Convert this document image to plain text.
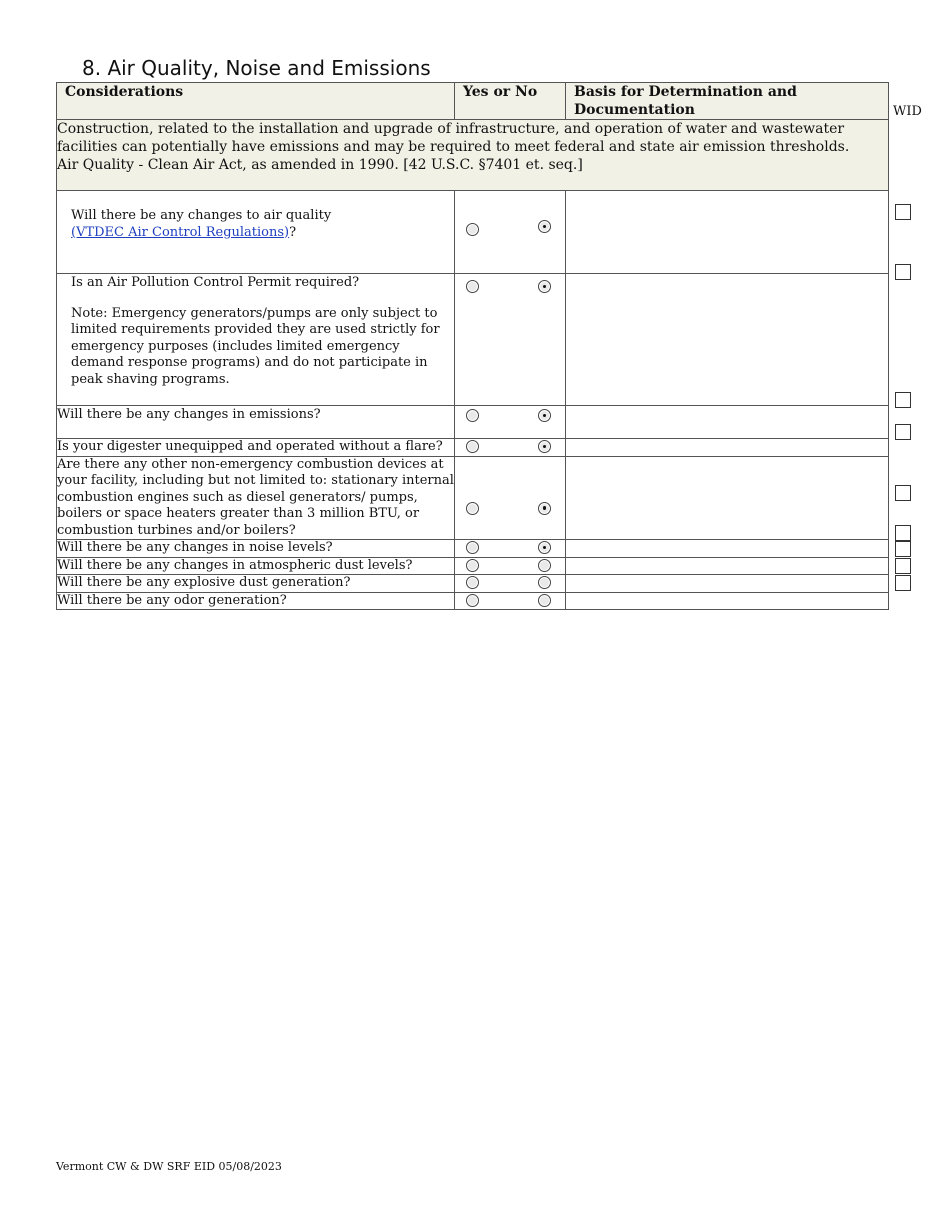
8. Air Quality, Noise and Emissions
WID
Considerations	Yes or No	Basis for Determination and Documentation

Construction, related to the installation and upgrade of infrastructure, and operation of water and wastewater facilities can potentially have emissions and may be required to meet federal and state air emission thresholds.
Air Quality - Clean Air Act, as amended in 1990. [42 U.S.C. §7401 et. seq.]		

Will there be any changes to air quality
(VTDEC Air Control Regulations)?	

Is an Air Pollution Control Permit required?
Note: Emergency generators/pumps are only subject to limited requirements provided they are used strictly for emergency purposes (includes limited emergency demand response programs) and do not participate in peak shaving programs.		

Will there be any changes in emissions?	

Is your digester unequipped and operated without a flare?	

Are there any other non-emergency combustion devices at your facility, including but not limited to: stationary internal combustion engines such as diesel generators/ pumps, boilers or space heaters greater than 3 million BTU, or combustion turbines and/or boilers?	

Will there be any changes in noise levels?	

Will there be any changes in atmospheric dust levels?	

Will there be any explosive dust generation?	

Will there be any odor generation?	

Vermont CW & DW SRF EID 05/08/2023
